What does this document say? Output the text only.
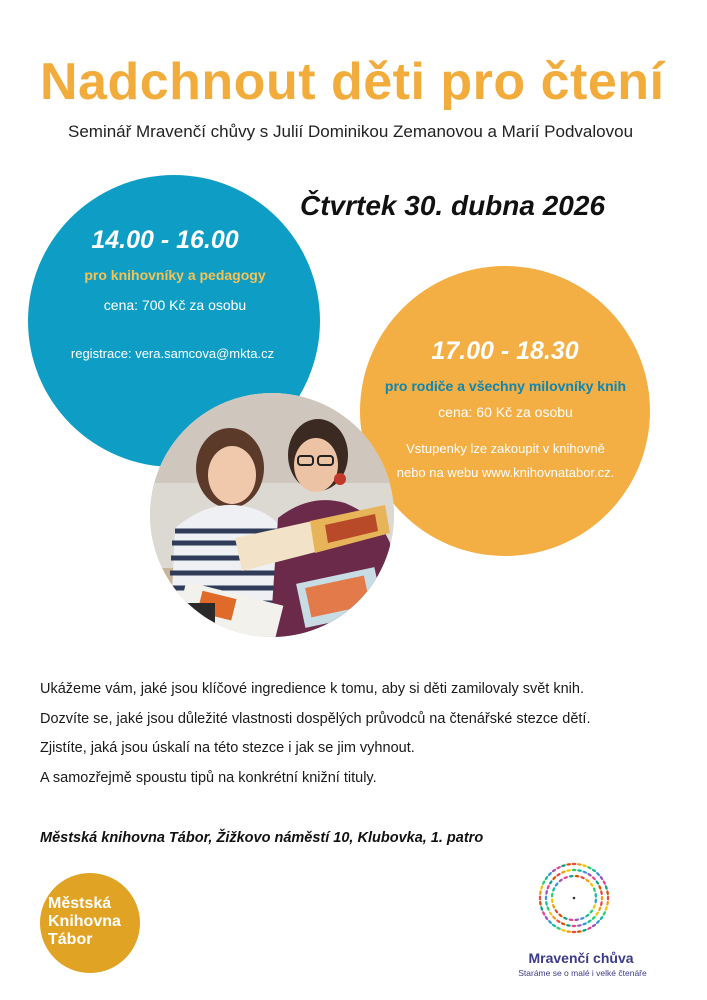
Nadchnout děti pro čtení
Seminář Mravenčí chůvy s Julií Dominikou Zemanovou a Marií Podvalovou
Čtvrtek 30. dubna 2026
14.00 - 16.00
pro knihovníky a pedagogy
cena: 700 Kč za osobu
registrace: vera.samcova@mkta.cz	17.00 - 18.30
pro rodiče a všechny milovníky knih
cena: 60 Kč za osobu
Vstupenky lze zakoupit v knihovně
nebo na webu www.knihovnatabor.cz.

Ukážeme vám, jaké jsou klíčové ingredience k tomu, aby si děti zamilovaly svět knih.

Dozvíte se, jaké jsou důležité vlastnosti dospělých průvodců na čtenářské stezce dětí.

Zjistíte, jaká jsou úskalí na této stezce i jak se jim vyhnout.

A samozřejmě spoustu tipů na konkrétní knižní tituly.

Městská knihovna Tábor, Žižkovo náměstí 10, Klubovka, 1. patro
Městská
Knihovna
Tábor
Mravenčí chůva
Staráme se o malé i velké čtenáře
